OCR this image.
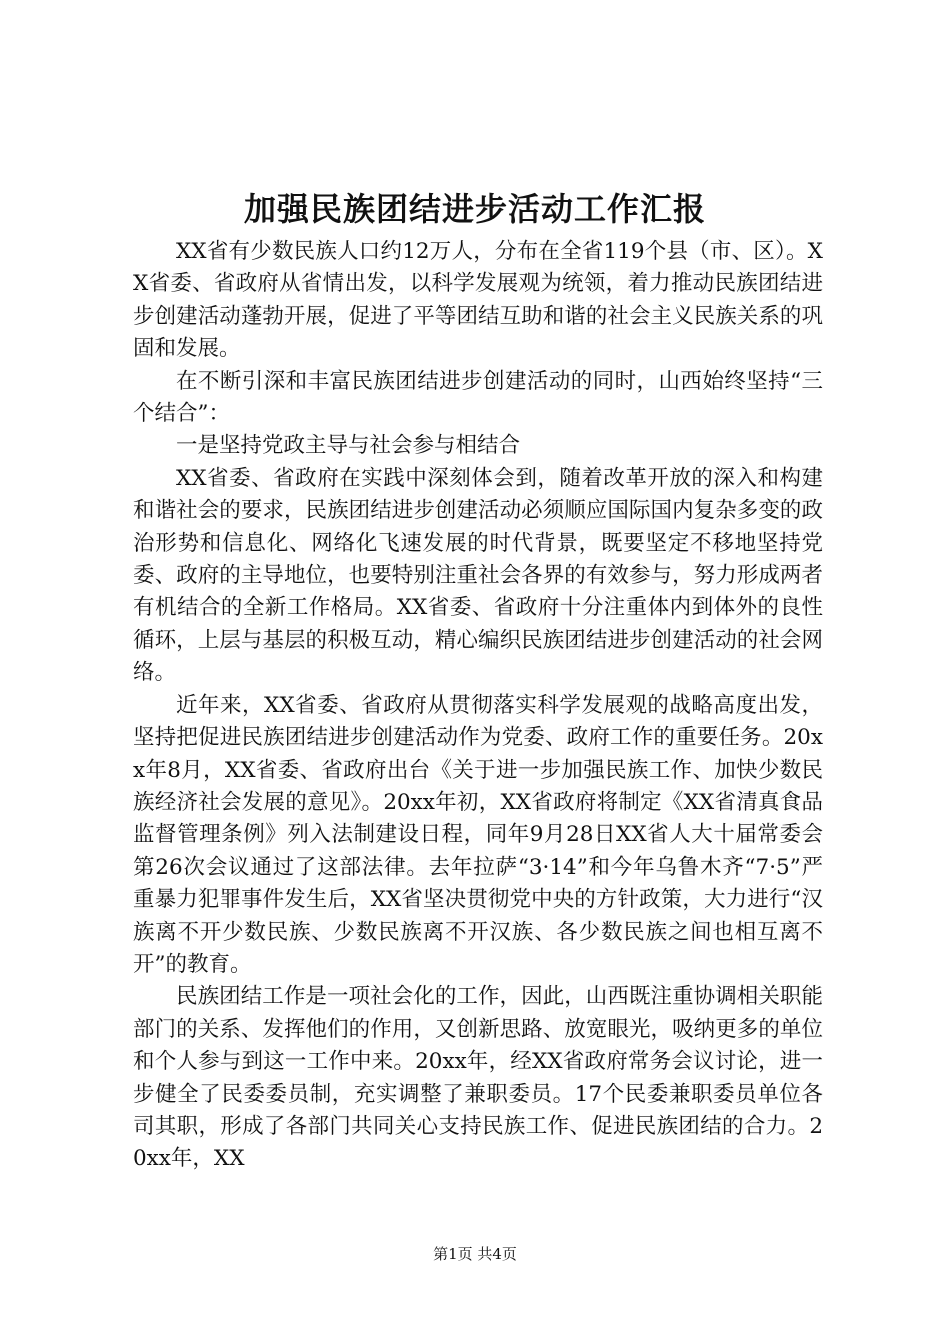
加强民族团结进步活动工作汇报

XX省有少数民族人口约12万人，分布在全省119个县（市、区）。XX省委、省政府从省情出发，以科学发展观为统领，着力推动民族团结进步创建活动蓬勃开展，促进了平等团结互助和谐的社会主义民族关系的巩固和发展。

在不断引深和丰富民族团结进步创建活动的同时，山西始终坚持“三个结合”：

一是坚持党政主导与社会参与相结合

XX省委、省政府在实践中深刻体会到，随着改革开放的深入和构建和谐社会的要求，民族团结进步创建活动必须顺应国际国内复杂多变的政治形势和信息化、网络化飞速发展的时代背景，既要坚定不移地坚持党委、政府的主导地位，也要特别注重社会各界的有效参与，努力形成两者有机结合的全新工作格局。XX省委、省政府十分注重体内到体外的良性循环，上层与基层的积极互动，精心编织民族团结进步创建活动的社会网络。

近年来，XX省委、省政府从贯彻落实科学发展观的战略高度出发，坚持把促进民族团结进步创建活动作为党委、政府工作的重要任务。20xx年8月，XX省委、省政府出台《关于进一步加强民族工作、加快少数民族经济社会发展的意见》。20xx年初，XX省政府将制定《XX省清真食品监督管理条例》列入法制建设日程，同年9月28日XX省人大十届常委会第26次会议通过了这部法律。去年拉萨“3·14”和今年乌鲁木齐“7·5”严重暴力犯罪事件发生后，XX省坚决贯彻党中央的方针政策，大力进行“汉族离不开少数民族、少数民族离不开汉族、各少数民族之间也相互离不开”的教育。

民族团结工作是一项社会化的工作，因此，山西既注重协调相关职能部门的关系、发挥他们的作用，又创新思路、放宽眼光，吸纳更多的单位和个人参与到这一工作中来。20xx年，经XX省政府常务会议讨论，进一步健全了民委委员制，充实调整了兼职委员。17个民委兼职委员单位各司其职，形成了各部门共同关心支持民族工作、促进民族团结的合力。20xx年，XX

第1页 共4页
